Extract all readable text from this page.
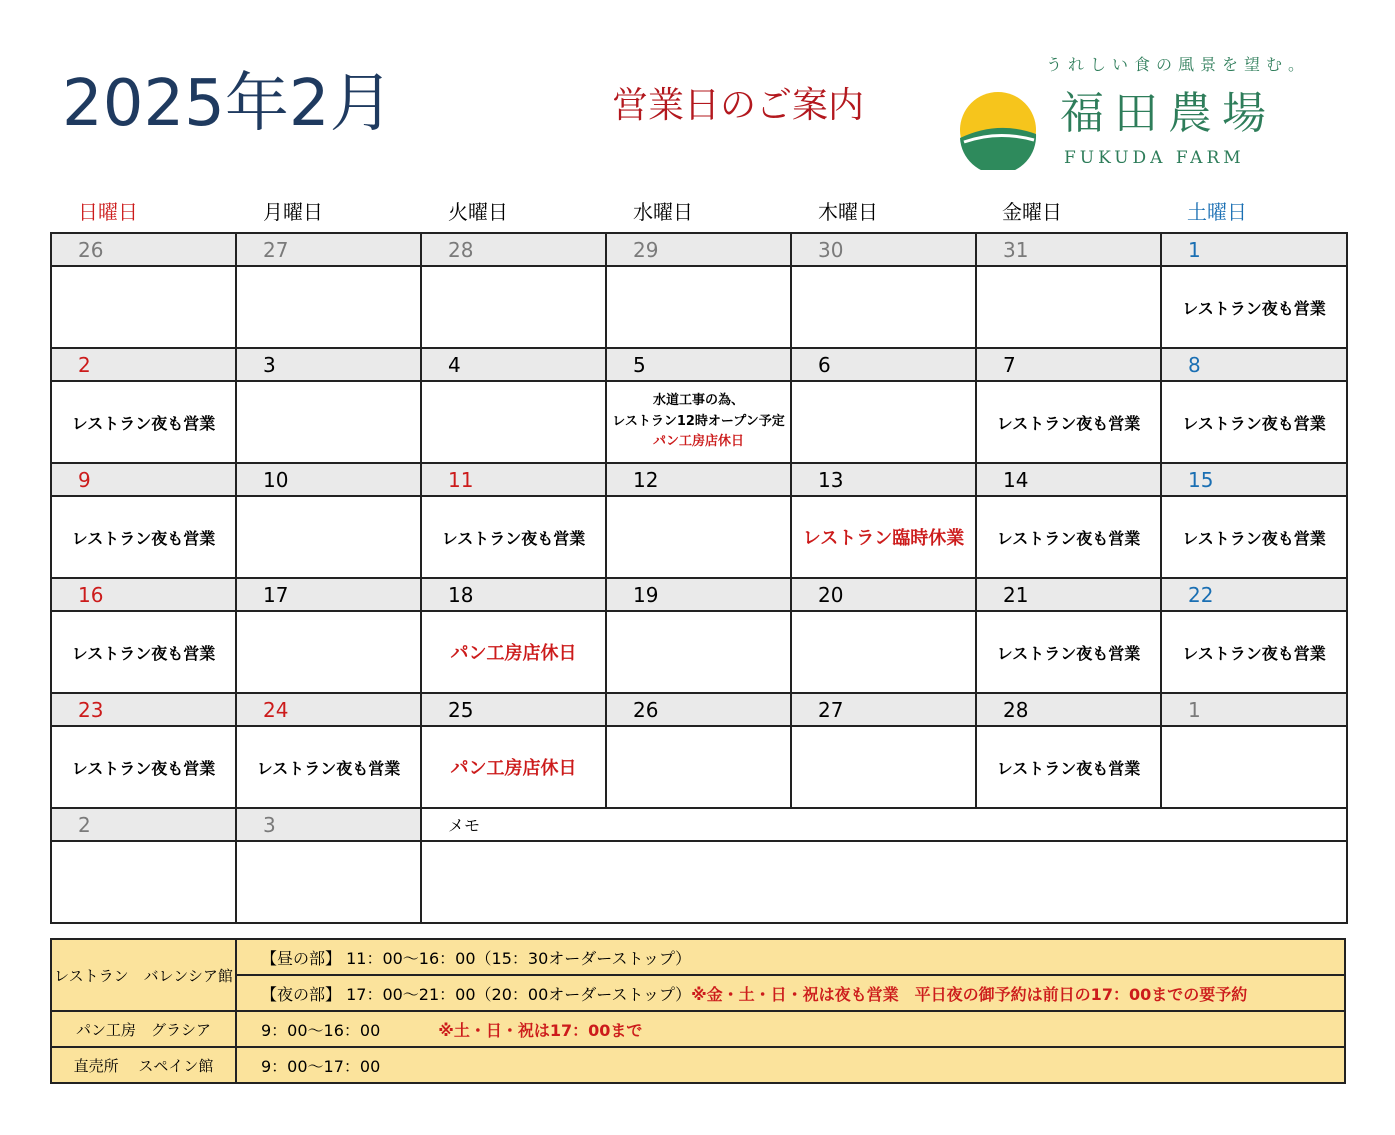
2025年2月	営業日のご案内
うれしい食の風景を望む。
福田農場
FUKUDA FARM
日曜日	月曜日	火曜日	水曜日	木曜日	金曜日	土曜日
26	27	28	29	30	31	1
						レストラン夜も営業
2	3	4	5	6	7	8
レストラン夜も営業			水道工事の為、
レストラン12時オープン予定
パン工房店休日		レストラン夜も営業	レストラン夜も営業
9	10	11	12	13	14	15
レストラン夜も営業		レストラン夜も営業		レストラン臨時休業	レストラン夜も営業	レストラン夜も営業
16	17	18	19	20	21	22
レストラン夜も営業		パン工房店休日			レストラン夜も営業	レストラン夜も営業
23	24	25	26	27	28	1
レストラン夜も営業	レストラン夜も営業	パン工房店休日			レストラン夜も営業	
2	3	メモ				

レストラン　バレンシア館	【昼の部】 11：00～16：00（15：30オーダーストップ）
	【夜の部】 17：00～21：00（20：00オーダーストップ）※金・土・日・祝は夜も営業　平日夜の御予約は前日の17：00までの要予約
パン工房　グラシア	9：00～16：00 ※土・日・祝は17：00まで
直売所　 スペイン館	9：00～17：00
